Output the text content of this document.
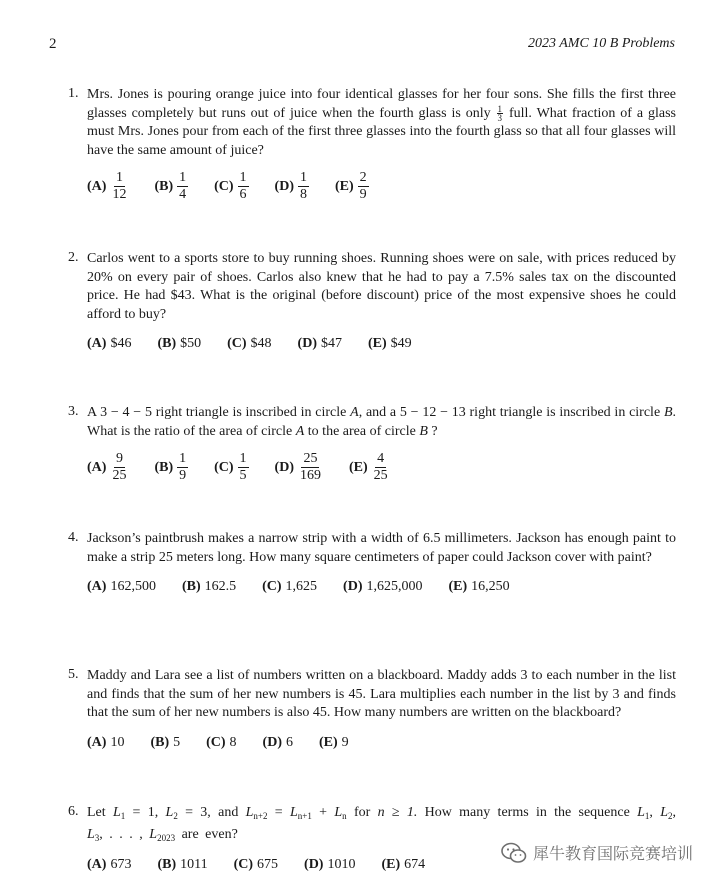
2	2023 AMC 10 B Problems
1. Mrs. Jones is pouring orange juice into four identical glasses for her four sons. She fills the first three glasses completely but runs out of juice when the fourth glass is only $\frac{1}{3}$ full. What fraction of a glass must Mrs. Jones pour from each of the first three glasses into the fourth glass so that all four glasses will have the same amount of juice?
$(A) \frac{1}{12} (B) \frac{1}{4} (C) \frac{1}{6} (D) \frac{1}{8} (E) \frac{2}{9}$
2. Carlos went to a sports store to buy running shoes. Running shoes were on sale, with prices reduced by 20% on every pair of shoes. Carlos also knew that he had to pay a 7.5% sales tax on the discounted price. He had $43. What is the original (before discount) price of the most expensive shoes he could afford to buy?
(A) $46 (B) $50 (C) $48 (D) $47 (E) $49
3. A 3 − 4 − 5 right triangle is inscribed in circle A, and a 5 − 12 − 13 right triangle is inscribed in circle B. What is the ratio of the area of circle A to the area of circle B ?
$(A) \frac{9}{25} (B) \frac{1}{9} (C) \frac{1}{5} (D) \frac{25}{169} (E) \frac{4}{25}$
4. Jackson’s paintbrush makes a narrow strip with a width of 6.5 millimeters. Jackson has enough paint to make a strip 25 meters long. How many square centimeters of paper could Jackson cover with paint?
(A) 162,500 (B) 162.5 (C) 1,625 (D) 1,625,000 (E) 16,250
5. Maddy and Lara see a list of numbers written on a blackboard. Maddy adds 3 to each number in the list and finds that the sum of her new numbers is 45. Lara multiplies each number in the list by 3 and finds that the sum of her new numbers is also 45. How many numbers are written on the blackboard?
(A) 10 (B) 5 (C) 8 (D) 6 (E) 9
6. Let $L_1 = 1$, $L_2 = 3$, and $L_{n+2} = L_{n+1} + L_n$ for n ≥ 1. How many terms in the sequence $L_1$, $L_2$, $L_3$, . . . , $L_{2023}$ are even?
(A) 673 (B) 1011 (C) 675 (D) 1010 (E) 674
犀牛教育国际竞赛培训
